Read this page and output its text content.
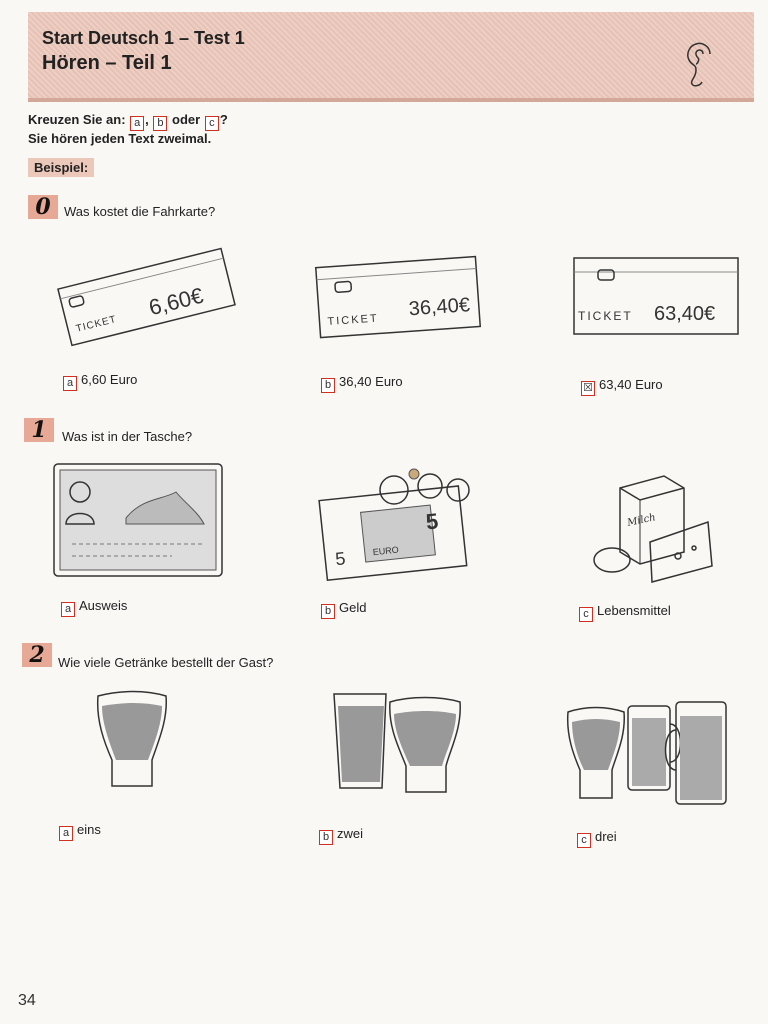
Start Deutsch 1 – Test 1
Hören – Teil 1
Kreuzen Sie an: a , b oder c ?
Sie hören jeden Text zweimal.
Beispiel:
0	Was kostet die Fahrkarte?
TICKET
6,60€
TICKET 36,40€	TICKET 63,40€
a 6,60 Euro	b 36,40 Euro	☒ 63,40 Euro
1	Was ist in der Tasche?
5
5
EURO
Milch
a Ausweis	b Geld	c Lebensmittel
2	Wie viele Getränke bestellt der Gast?
a eins	b zwei	c drei
34
